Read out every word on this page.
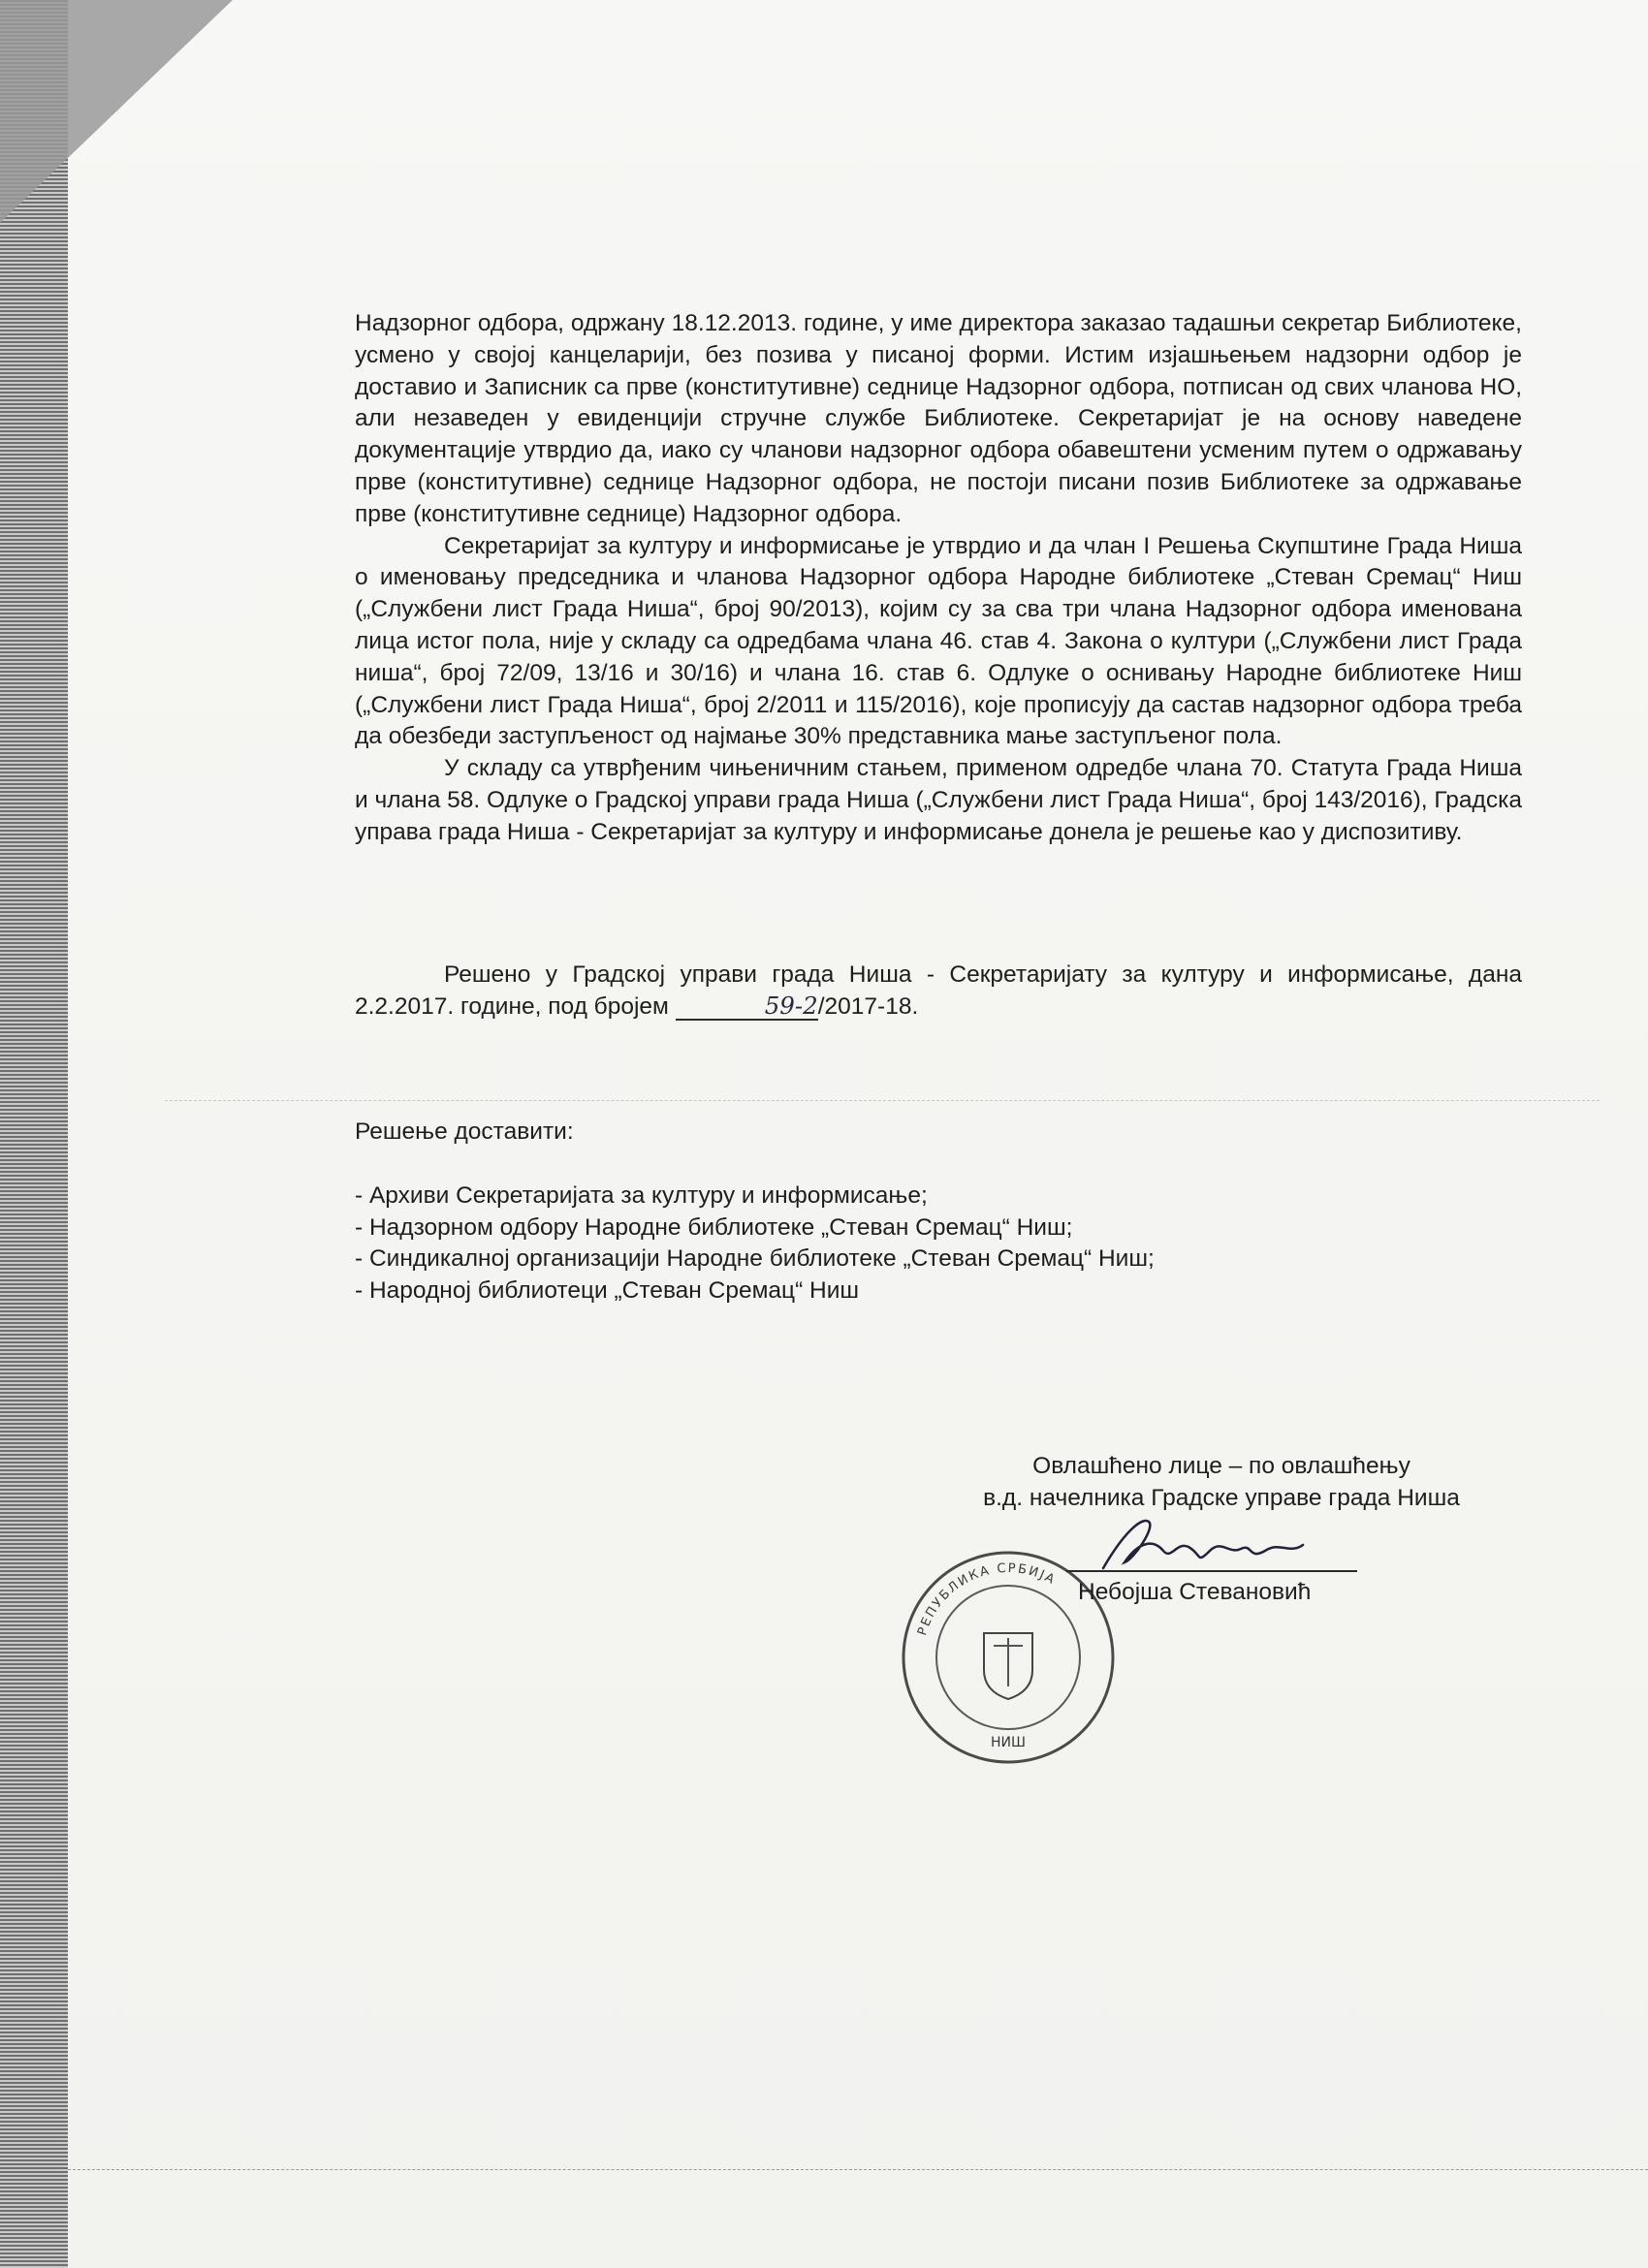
Надзорног одбора, одржану 18.12.2013. године, у име директора заказао тадашњи секретар Библиотеке, усмено у својој канцеларији, без позива у писаној форми. Истим изјашњењем надзорни одбор је доставио и Записник са прве (конститутивне) седнице Надзорног одбора, потписан од свих чланова НО, али незаведен у евиденцији стручне службе Библиотеке. Секретаријат је на основу наведене документације утврдио да, иако су чланови надзорног одбора обавештени усменим путем о одржавању прве (конститутивне) седнице Надзорног одбора, не постоји писани позив Библиотеке за одржавање прве (конститутивне седнице) Надзорног одбора.

Секретаријат за културу и информисање је утврдио и да члан I Решења Скупштине Града Ниша о именовању председника и чланова Надзорног одбора Народне библиотеке „Стеван Сремац“ Ниш („Службени лист Града Ниша“, број 90/2013), којим су за сва три члана Надзорног одбора именована лица истог пола, није у складу са одредбама члана 46. став 4. Закона о култури („Службени лист Града ниша“, број 72/09, 13/16 и 30/16) и члана 16. став 6. Одлуке о оснивању Народне библиотеке Ниш („Службени лист Града Ниша“, број 2/2011 и 115/2016), које прописују да састав надзорног одбора треба да обезбеди заступљеност од најмање 30% представника мање заступљеног пола.

У складу са утврђеним чињеничним стањем, применом одредбе члана 70. Статута Града Ниша и члана 58. Одлуке о Градској управи града Ниша („Службени лист Града Ниша“, број 143/2016), Градска управа града Ниша - Секретаријат за културу и информисање донела је решење као у диспозитиву.

Решено у Градској управи града Ниша - Секретаријату за културу и информисање, дана 2.2.2017. године, под бројем	59-2/2017-18.

Решење доставити:

- Архиви Секретаријата за културу и информисање;
- Надзорном одбору Народне библиотеке „Стеван Сремац“ Ниш;
- Синдикалној организацији Народне библиотеке „Стеван Сремац“ Ниш;
- Народној библиотеци „Стеван Сремац“ Ниш
Овлашћено лице – по овлашћењу
в.д. начелника Градске управе града Ниша
РЕПУБЛИКА СРБИЈА
НИШ
Небојша Стевановић
